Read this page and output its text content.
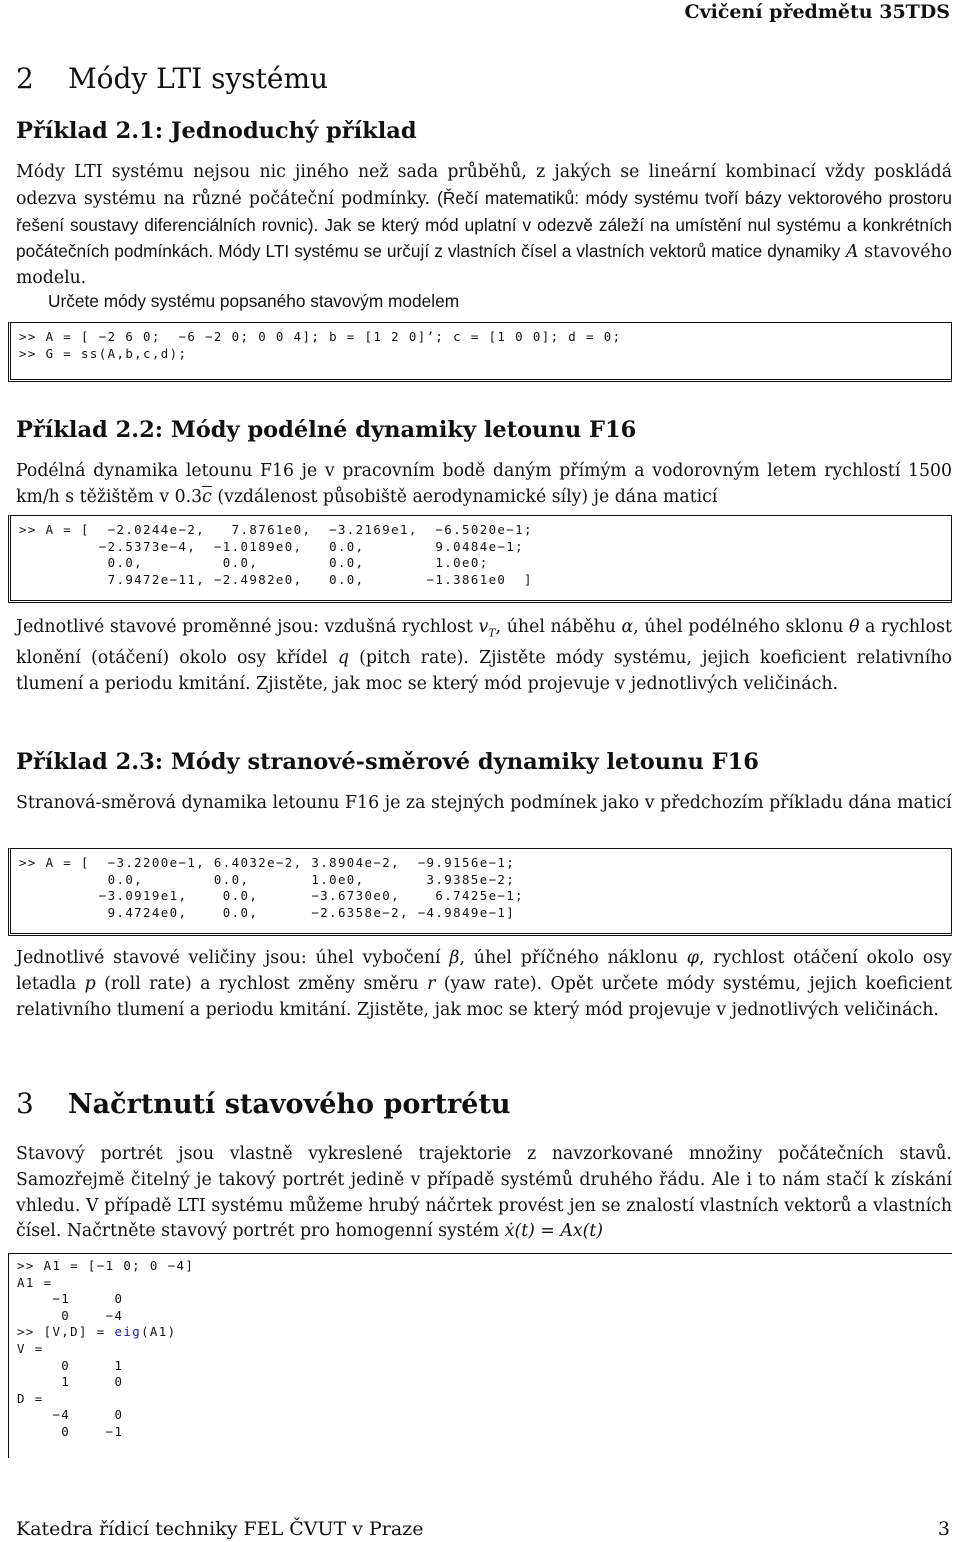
Cvičení předmětu 35TDS
2 Módy LTI systému
Příklad 2.1: Jednoduchý příklad

Módy LTI systému nejsou nic jiného než sada průběhů, z jakých se lineární kombinací vždy poskládá odezva systému na různé počáteční podmínky. (Řečí matematiků: módy systému tvoří bázy vektorového prostoru řešení soustavy diferenciálních rovnic). Jak se který mód uplatní v odezvě záleží na umístění nul systému a konkrétních počátečních podmínkách. Módy LTI systému se určují z vlastních čísel a vlastních vektorů matice dynamiky A stavového modelu.

Určete módy systému popsaného stavovým modelem

>> A = [ −2 6 0;  −6 −2 0; 0 0 4]; b = [1 2 0]’; c = [1 0 0]; d = 0;
>> G = ss(A,b,c,d);
Příklad 2.2: Módy podélné dynamiky letounu F16

Podélná dynamika letounu F16 je v pracovním bodě daným přímým a vodorovným letem rychlostí 1500 km/h s těžištěm v $0.3\overline{c}$ (vzdálenost působiště aerodynamické síly) je dána maticí

>> A = [  −2.0244e−2,   7.8761e0,  −3.2169e1,  −6.5020e−1;
−2.5373e−4,  −1.0189e0,   0.0,        9.0484e−1;
0.0,         0.0,        0.0,        1.0e0;
7.9472e−11, −2.4982e0,   0.0,       −1.3861e0  ]

Jednotlivé stavové proměnné jsou: vzdušná rychlost $v_T$, úhel náběhu α, úhel podélného sklonu θ a rychlost klonění (otáčení) okolo osy křídel q (pitch rate). Zjistěte módy systému, jejich koeficient relativního tlumení a periodu kmitání. Zjistěte, jak moc se který mód projevuje v jednotlivých veličinách.

Příklad 2.3: Módy stranové-směrové dynamiky letounu F16

Stranová-směrová dynamika letounu F16 je za stejných podmínek jako v předchozím příkladu dána maticí

>> A = [  −3.2200e−1, 6.4032e−2, 3.8904e−2,  −9.9156e−1;
0.0,        0.0,       1.0e0,       3.9385e−2;
−3.0919e1,    0.0,      −3.6730e0,    6.7425e−1;
9.4724e0,    0.0,      −2.6358e−2, −4.9849e−1]

Jednotlivé stavové veličiny jsou: úhel vybočení β, úhel příčného náklonu φ, rychlost otáčení okolo osy letadla p (roll rate) a rychlost změny směru r (yaw rate). Opět určete módy systému, jejich koeficient relativního tlumení a periodu kmitání. Zjistěte, jak moc se který mód projevuje v jednotlivých veličinách.

3 Načrtnutí stavového portrétu

Stavový portrét jsou vlastně vykreslené trajektorie z navzorkované množiny počátečních stavů. Samozřejmě čitelný je takový portrét jedině v případě systémů druhého řádu. Ale i to nám stačí k získání vhledu. V případě LTI systému můžeme hrubý náčrtek provést jen se znalostí vlastních vektorů a vlastních čísel. Načrtněte stavový portrét pro homogenní systém ẋ(t) = Ax(t)

>> A1 = [−1 0; 0 −4]
A1 =
−1     0
0    −4
>> [V,D] = eig(A1)
V =
0     1
1     0
D =
−4     0
0    −1
Katedra řídicí techniky FEL ČVUT v Praze	3
